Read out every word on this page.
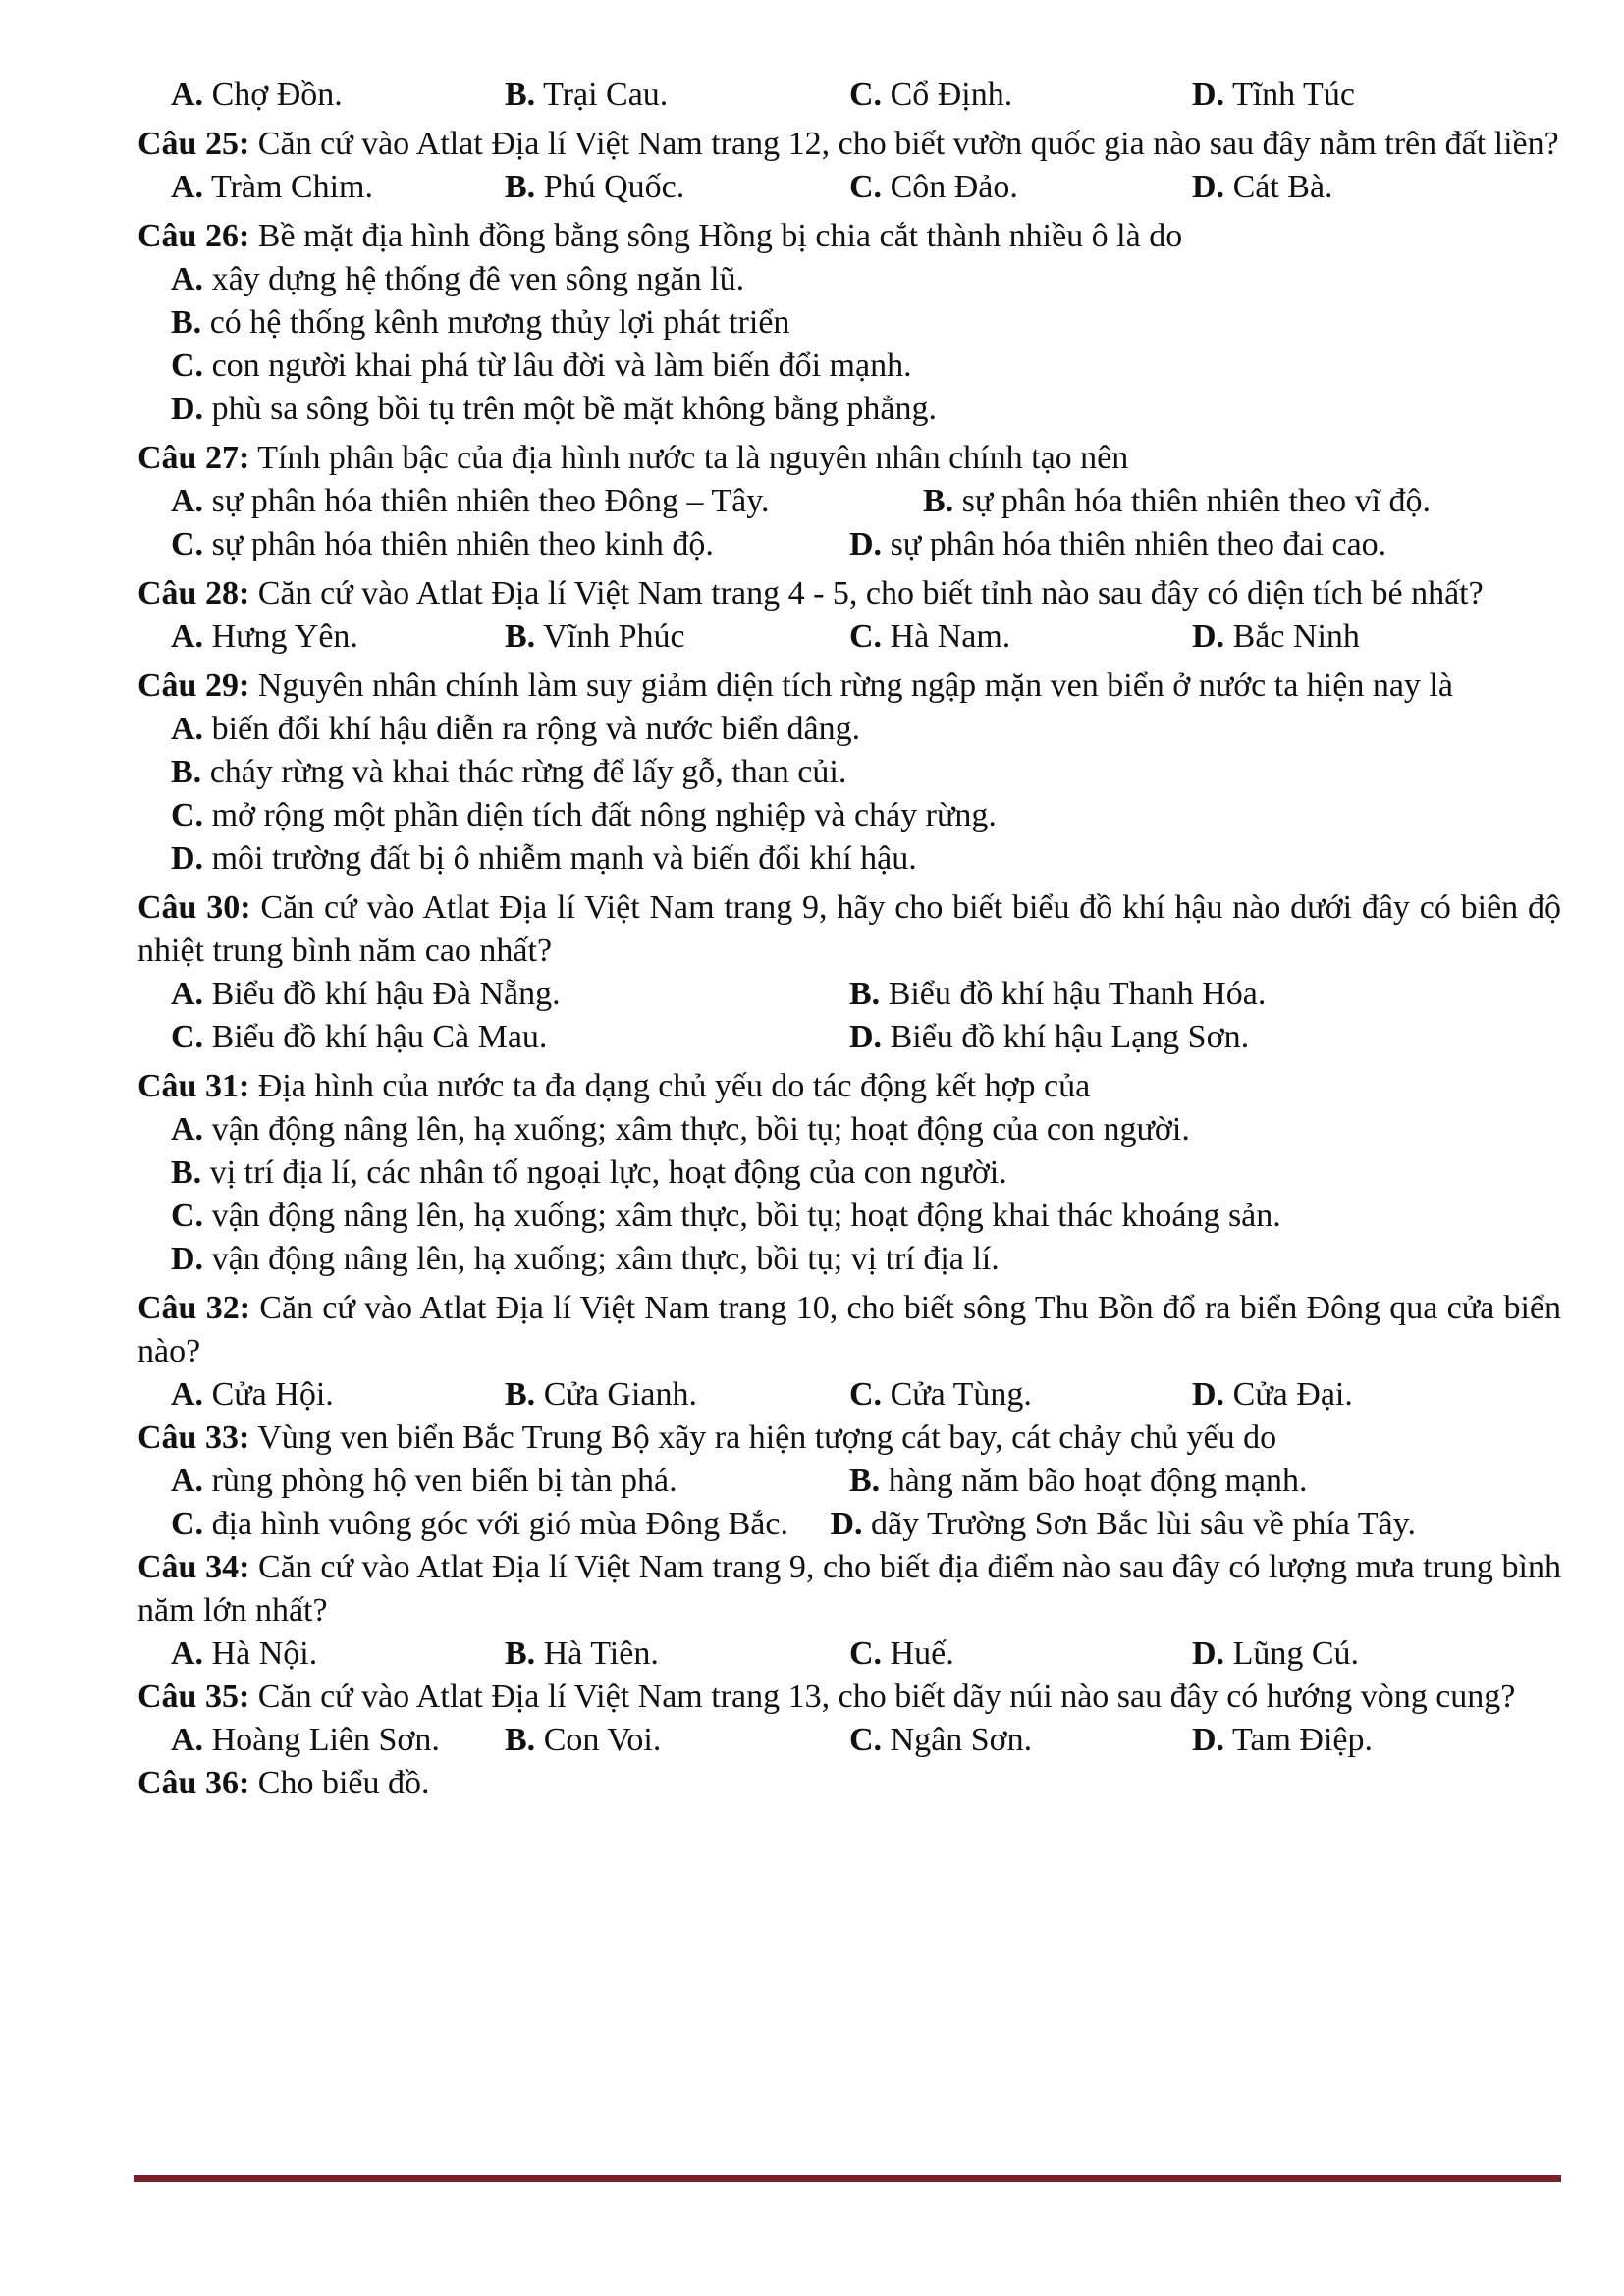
A. Chợ Đồn.	B. Trại Cau.	C. Cổ Định.	D. Tĩnh Túc
Câu 25: Căn cứ vào Atlat Địa lí Việt Nam trang 12, cho biết vườn quốc gia nào sau đây nằm trên đất liền?
A. Tràm Chim.	B. Phú Quốc.	C. Côn Đảo.	D. Cát Bà.
Câu 26: Bề mặt địa hình đồng bằng sông Hồng bị chia cắt thành nhiều ô là do
A. xây dựng hệ thống đê ven sông ngăn lũ.
B. có hệ thống kênh mương thủy lợi phát triển
C. con người khai phá từ lâu đời và làm biến đổi mạnh.
D. phù sa sông bồi tụ trên một bề mặt không bằng phẳng.
Câu 27: Tính phân bậc của địa hình nước ta là nguyên nhân chính tạo nên
A. sự phân hóa thiên nhiên theo Đông – Tây.	B. sự phân hóa thiên nhiên theo vĩ độ.
C. sự phân hóa thiên nhiên theo kinh độ.	D. sự phân hóa thiên nhiên theo đai cao.
Câu 28: Căn cứ vào Atlat Địa lí Việt Nam trang 4 - 5, cho biết tỉnh nào sau đây có diện tích bé nhất?
A. Hưng Yên.	B. Vĩnh Phúc	C. Hà Nam.	D. Bắc Ninh
Câu 29: Nguyên nhân chính làm suy giảm diện tích rừng ngập mặn ven biển ở nước ta hiện nay là
A. biến đổi khí hậu diễn ra rộng và nước biển dâng.
B. cháy rừng và khai thác rừng để lấy gỗ, than củi.
C. mở rộng một phần diện tích đất nông nghiệp và cháy rừng.
D. môi trường đất bị ô nhiễm mạnh và biến đổi khí hậu.
Câu 30: Căn cứ vào Atlat Địa lí Việt Nam trang 9, hãy cho biết biểu đồ khí hậu nào dưới đây có biên độ nhiệt trung bình năm cao nhất?
A. Biểu đồ khí hậu Đà Nẵng.	B. Biểu đồ khí hậu Thanh Hóa.
C. Biểu đồ khí hậu Cà Mau.	D. Biểu đồ khí hậu Lạng Sơn.
Câu 31: Địa hình của nước ta đa dạng chủ yếu do tác động kết hợp của
A. vận động nâng lên, hạ xuống; xâm thực, bồi tụ; hoạt động của con người.
B. vị trí địa lí, các nhân tố ngoại lực, hoạt động của con người.
C. vận động nâng lên, hạ xuống; xâm thực, bồi tụ; hoạt động khai thác khoáng sản.
D. vận động nâng lên, hạ xuống; xâm thực, bồi tụ; vị trí địa lí.
Câu 32: Căn cứ vào Atlat Địa lí Việt Nam trang 10, cho biết sông Thu Bồn đổ ra biển Đông qua cửa biển nào?
A. Cửa Hội.	B. Cửa Gianh.	C. Cửa Tùng.	D. Cửa Đại.
Câu 33: Vùng ven biển Bắc Trung Bộ xãy ra hiện tượng cát bay, cát chảy chủ yếu do
A. rùng phòng hộ ven biển bị tàn phá.	B. hàng năm bão hoạt động mạnh.
C. địa hình vuông góc với gió mùa Đông Bắc. D. dãy Trường Sơn Bắc lùi sâu về phía Tây.
Câu 34: Căn cứ vào Atlat Địa lí Việt Nam trang 9, cho biết địa điểm nào sau đây có lượng mưa trung bình năm lớn nhất?
A. Hà Nội.	B. Hà Tiên.	C. Huế.	D. Lũng Cú.
Câu 35: Căn cứ vào Atlat Địa lí Việt Nam trang 13, cho biết dãy núi nào sau đây có hướng vòng cung?
A. Hoàng Liên Sơn. B. Con Voi.	C. Ngân Sơn.	D. Tam Điệp.
Câu 36: Cho biểu đồ.
